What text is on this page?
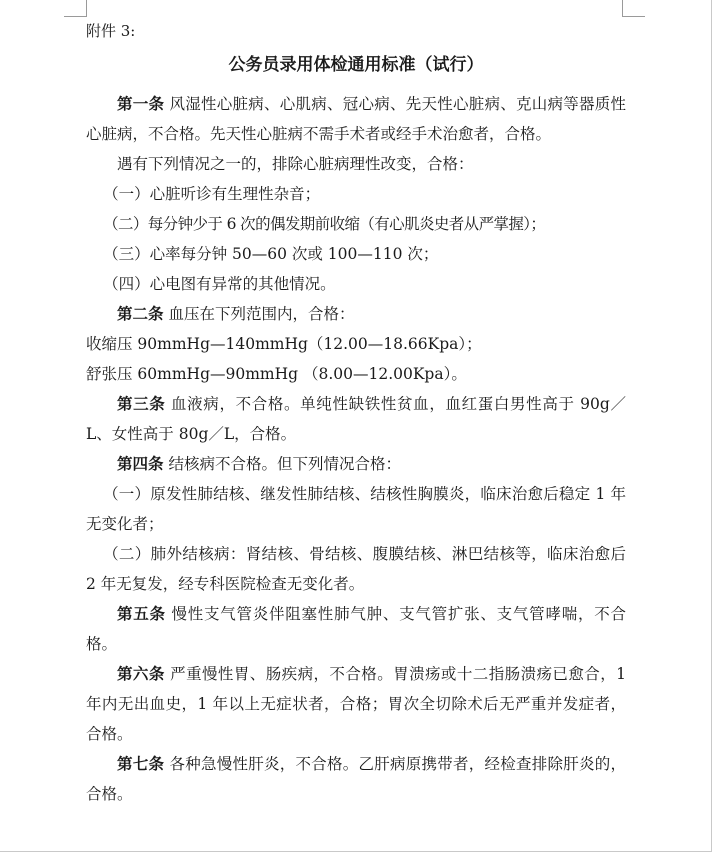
附件 3:
公务员录用体检通用标准（试行）

第一条 风湿性心脏病、心肌病、冠心病、先天性心脏病、克山病等器质性心脏病，不合格。先天性心脏病不需手术者或经手术治愈者，合格。

遇有下列情况之一的，排除心脏病理性改变，合格：

（一）心脏听诊有生理性杂音；

（二）每分钟少于 6 次的偶发期前收缩（有心肌炎史者从严掌握）；

（三）心率每分钟 50—60 次或 100—110 次；

（四）心电图有异常的其他情况。

第二条 血压在下列范围内，合格：

收缩压 90mmHg—140mmHg（12.00—18.66Kpa）；

舒张压 60mmHg—90mmHg （8.00—12.00Kpa）。

第三条 血液病，不合格。单纯性缺铁性贫血，血红蛋白男性高于 90g／L、女性高于 80g／L，合格。

第四条 结核病不合格。但下列情况合格：

（一）原发性肺结核、继发性肺结核、结核性胸膜炎，临床治愈后稳定 1 年无变化者；

（二）肺外结核病：肾结核、骨结核、腹膜结核、淋巴结核等，临床治愈后 2 年无复发，经专科医院检查无变化者。

第五条 慢性支气管炎伴阻塞性肺气肿、支气管扩张、支气管哮喘，不合格。

第六条 严重慢性胃、肠疾病，不合格。胃溃疡或十二指肠溃疡已愈合，1 年内无出血史，1 年以上无症状者，合格；胃次全切除术后无严重并发症者，合格。

第七条 各种急慢性肝炎，不合格。乙肝病原携带者，经检查排除肝炎的，合格。
